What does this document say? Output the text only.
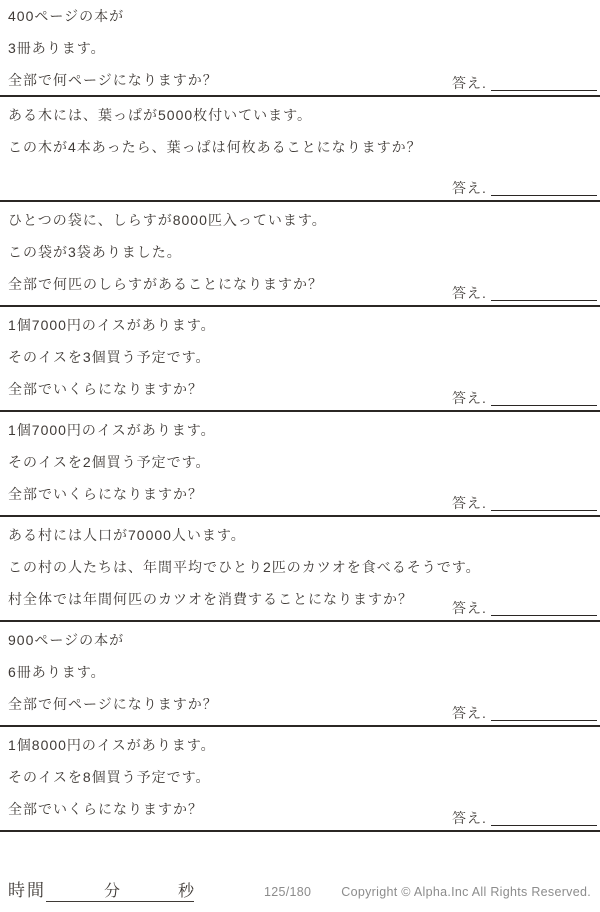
400ページの本が
3冊あります。
全部で何ページになりますか？	答え.
ある木には、葉っぱが5000枚付いています。
この木が4本あったら、葉っぱは何枚あることになりますか？
答え.
ひとつの袋に、しらすが8000匹入っています。
この袋が3袋ありました。
全部で何匹のしらすがあることになりますか？
答え.
1個7000円のイスがあります。
そのイスを3個買う予定です。
全部でいくらになりますか？
答え.
1個7000円のイスがあります。
そのイスを2個買う予定です。
全部でいくらになりますか？
答え.
ある村には人口が70000人います。
この村の人たちは、年間平均でひとり2匹のカツオを食べるそうです。
村全体では年間何匹のカツオを消費することになりますか？
答え.
900ページの本が
6冊あります。
全部で何ページになりますか？
答え.
1個8000円のイスがあります。
そのイスを8個買う予定です。
全部でいくらになりますか？
答え.
時間	分	秒	125/180 Copyright © Alpha.Inc All Rights Reserved.
